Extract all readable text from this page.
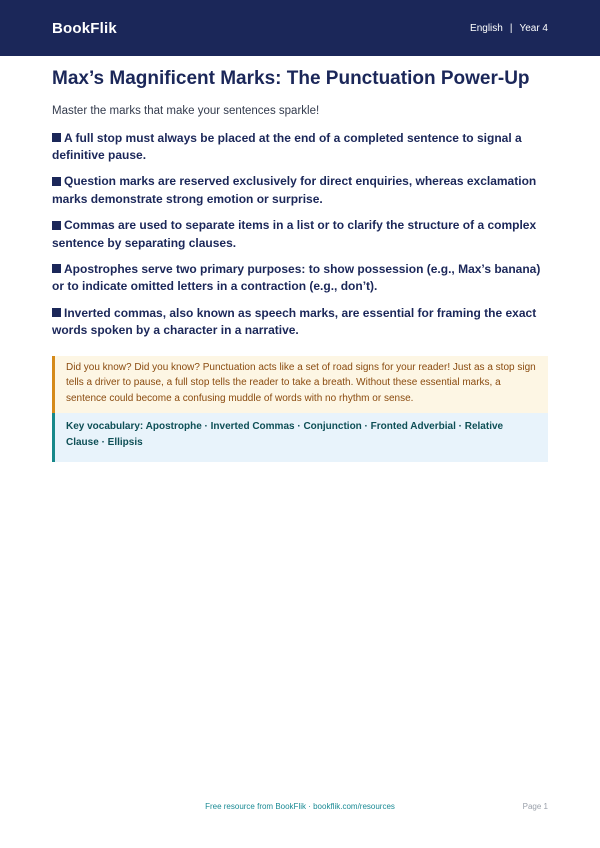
BookFlik	English | Year 4
Max’s Magnificent Marks: The Punctuation Power-Up

Master the marks that make your sentences sparkle!

A full stop must always be placed at the end of a completed sentence to signal a definitive pause.
Question marks are reserved exclusively for direct enquiries, whereas exclamation marks demonstrate strong emotion or surprise.
Commas are used to separate items in a list or to clarify the structure of a complex sentence by separating clauses.
Apostrophes serve two primary purposes: to show possession (e.g., Max’s banana) or to indicate omitted letters in a contraction (e.g., don’t).
Inverted commas, also known as speech marks, are essential for framing the exact words spoken by a character in a narrative.
Did you know? Did you know? Punctuation acts like a set of road signs for your reader! Just as a stop sign tells a driver to pause, a full stop tells the reader to take a breath. Without these essential marks, a sentence could become a confusing muddle of words with no rhythm or sense.
Key vocabulary: Apostrophe · Inverted Commas · Conjunction · Fronted Adverbial · Relative Clause · Ellipsis
Free resource from BookFlik · bookflik.com/resources	Page 1
